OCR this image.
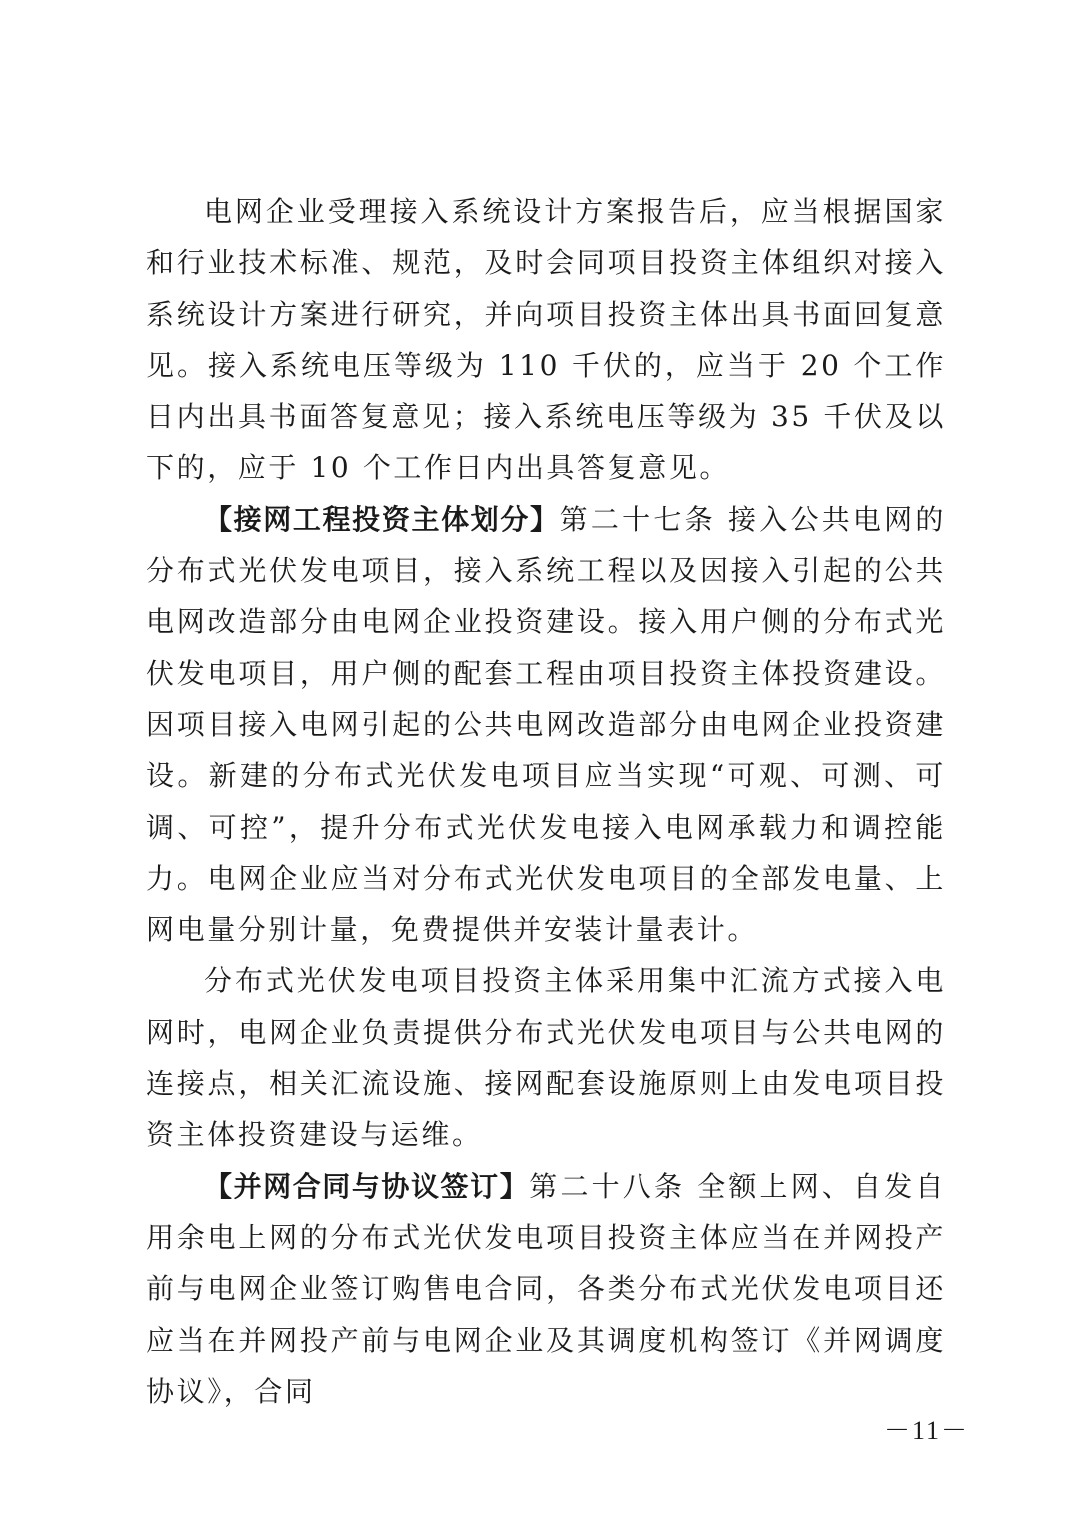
电网企业受理接入系统设计方案报告后，应当根据国家和行业技术标准、规范，及时会同项目投资主体组织对接入系统设计方案进行研究，并向项目投资主体出具书面回复意见。接入系统电压等级为 110 千伏的，应当于 20 个工作日内出具书面答复意见；接入系统电压等级为 35 千伏及以下的，应于 10 个工作日内出具答复意见。

【接网工程投资主体划分】第二十七条 接入公共电网的分布式光伏发电项目，接入系统工程以及因接入引起的公共电网改造部分由电网企业投资建设。接入用户侧的分布式光伏发电项目，用户侧的配套工程由项目投资主体投资建设。因项目接入电网引起的公共电网改造部分由电网企业投资建设。新建的分布式光伏发电项目应当实现“可观、可测、可调、可控”，提升分布式光伏发电接入电网承载力和调控能力。电网企业应当对分布式光伏发电项目的全部发电量、上网电量分别计量，免费提供并安装计量表计。

分布式光伏发电项目投资主体采用集中汇流方式接入电网时，电网企业负责提供分布式光伏发电项目与公共电网的连接点，相关汇流设施、接网配套设施原则上由发电项目投资主体投资建设与运维。

【并网合同与协议签订】第二十八条 全额上网、自发自用余电上网的分布式光伏发电项目投资主体应当在并网投产前与电网企业签订购售电合同，各类分布式光伏发电项目还应当在并网投产前与电网企业及其调度机构签订《并网调度协议》，合同

－11－
